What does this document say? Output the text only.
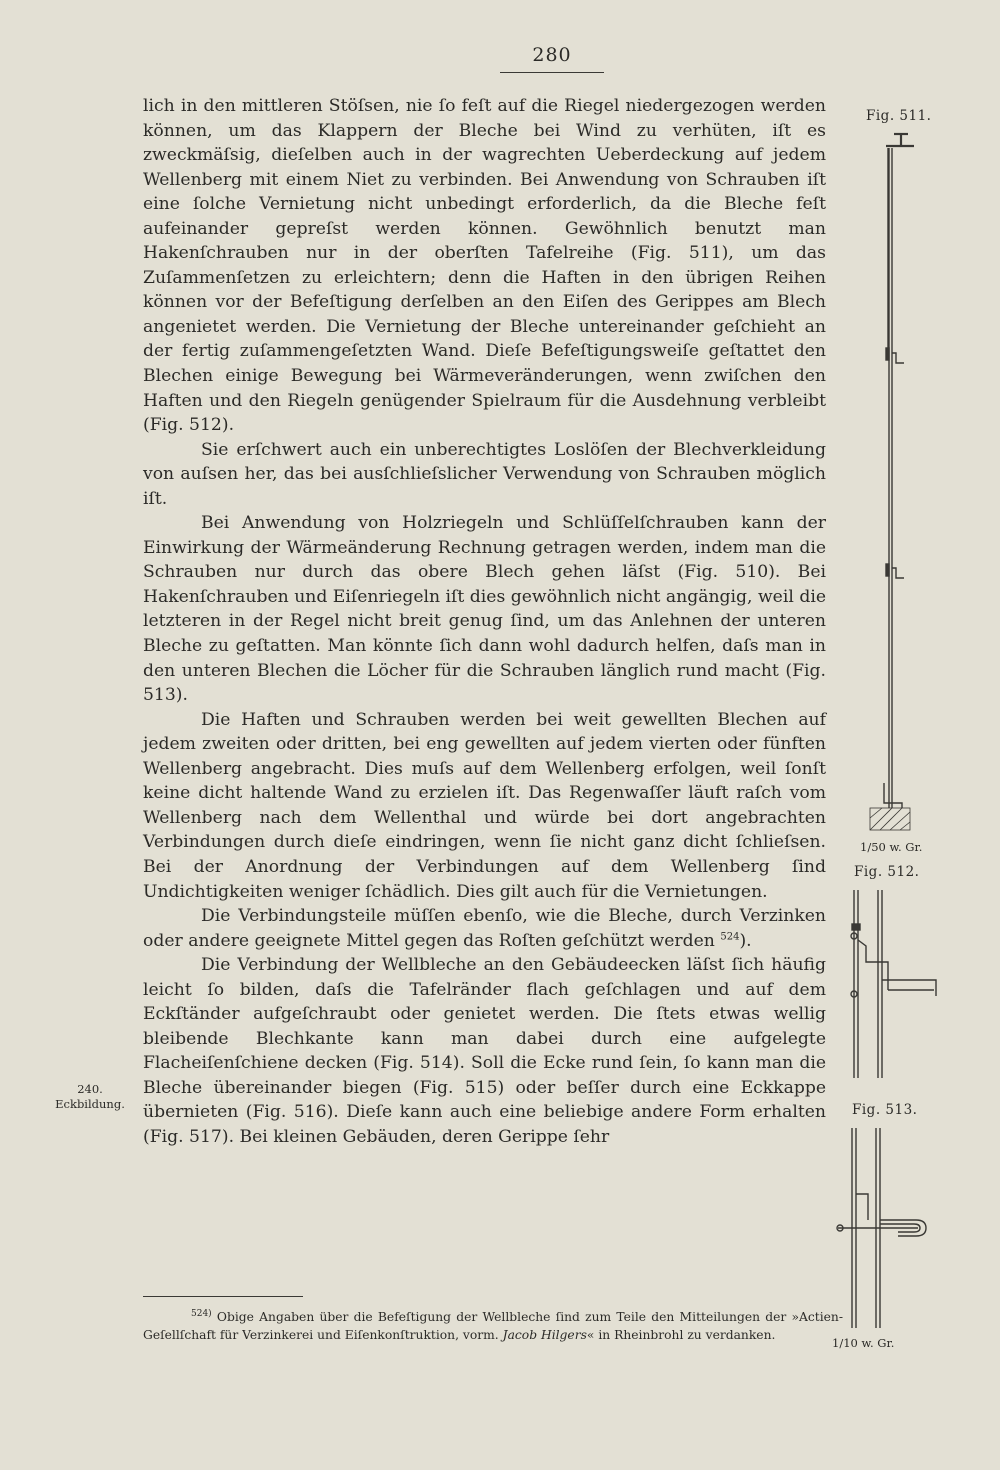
280

lich in den mittleren Stöſsen, nie ſo feſt auf die Riegel niedergezogen werden können, um das Klappern der Bleche bei Wind zu verhüten, iſt es zweckmäſsig, dieſelben auch in der wagrechten Ueberdeckung auf jedem Wellenberg mit einem Niet zu verbinden. Bei Anwendung von Schrauben iſt eine ſolche Vernietung nicht unbedingt erforderlich, da die Bleche feſt aufeinander gepreſst werden können. Gewöhnlich benutzt man Hakenſchrauben nur in der oberſten Tafelreihe (Fig. 511), um das Zuſammenſetzen zu erleichtern; denn die Haften in den übrigen Reihen können vor der Befeſtigung derſelben an den Eiſen des Gerippes am Blech angenietet werden. Die Vernietung der Bleche untereinander geſchieht an der fertig zuſammengeſetzten Wand. Dieſe Befeſtigungsweiſe geſtattet den Blechen einige Bewegung bei Wärmeveränderungen, wenn zwiſchen den Haften und den Riegeln genügender Spielraum für die Ausdehnung verbleibt (Fig. 512).

Sie erſchwert auch ein unberechtigtes Loslöſen der Blechverkleidung von auſsen her, das bei ausſchlieſslicher Verwendung von Schrauben möglich iſt.

Bei Anwendung von Holzriegeln und Schlüſſelſchrauben kann der Einwirkung der Wärmeänderung Rechnung getragen werden, indem man die Schrauben nur durch das obere Blech gehen läſst (Fig. 510). Bei Hakenſchrauben und Eiſenriegeln iſt dies gewöhnlich nicht angängig, weil die letzteren in der Regel nicht breit genug ſind, um das Anlehnen der unteren Bleche zu geſtatten. Man könnte ſich dann wohl dadurch helfen, daſs man in den unteren Blechen die Löcher für die Schrauben länglich rund macht (Fig. 513).

Die Haften und Schrauben werden bei weit gewellten Blechen auf jedem zweiten oder dritten, bei eng gewellten auf jedem vierten oder fünften Wellenberg angebracht. Dies muſs auf dem Wellenberg erfolgen, weil ſonſt keine dicht haltende Wand zu erzielen iſt. Das Regenwaſſer läuft raſch vom Wellenberg nach dem Wellenthal und würde bei dort angebrachten Verbindungen durch dieſe eindringen, wenn ſie nicht ganz dicht ſchlieſsen. Bei der Anordnung der Verbindungen auf dem Wellenberg ſind Undichtigkeiten weniger ſchädlich. Dies gilt auch für die Vernietungen.

Die Verbindungsteile müſſen ebenſo, wie die Bleche, durch Verzinken oder andere geeignete Mittel gegen das Roſten geſchützt werden $^{524}$).

Die Verbindung der Wellbleche an den Gebäudeecken läſst ſich häufig leicht ſo bilden, daſs die Tafelränder flach geſchlagen und auf dem Eckſtänder aufgeſchraubt oder genietet werden. Die ſtets etwas wellig bleibende Blechkante kann man dabei durch eine aufgelegte Flacheiſenſchiene decken (Fig. 514). Soll die Ecke rund ſein, ſo kann man die Bleche übereinander biegen (Fig. 515) oder beſſer durch eine Eckkappe übernieten (Fig. 516). Dieſe kann auch eine beliebige andere Form erhalten (Fig. 517). Bei kleinen Gebäuden, deren Gerippe ſehr

240.
Eckbildung.
Fig. 511.
1/50 w. Gr.
Fig. 512.
Fig. 513.
1/10 w. Gr.
$^{524)}$ Obige Angaben über die Befeſtigung der Wellbleche ſind zum Teile den Mitteilungen der »Actien-Geſellſchaft für Verzinkerei und Eiſenkonſtruktion, vorm. Jacob Hilgers« in Rheinbrohl zu verdanken.
